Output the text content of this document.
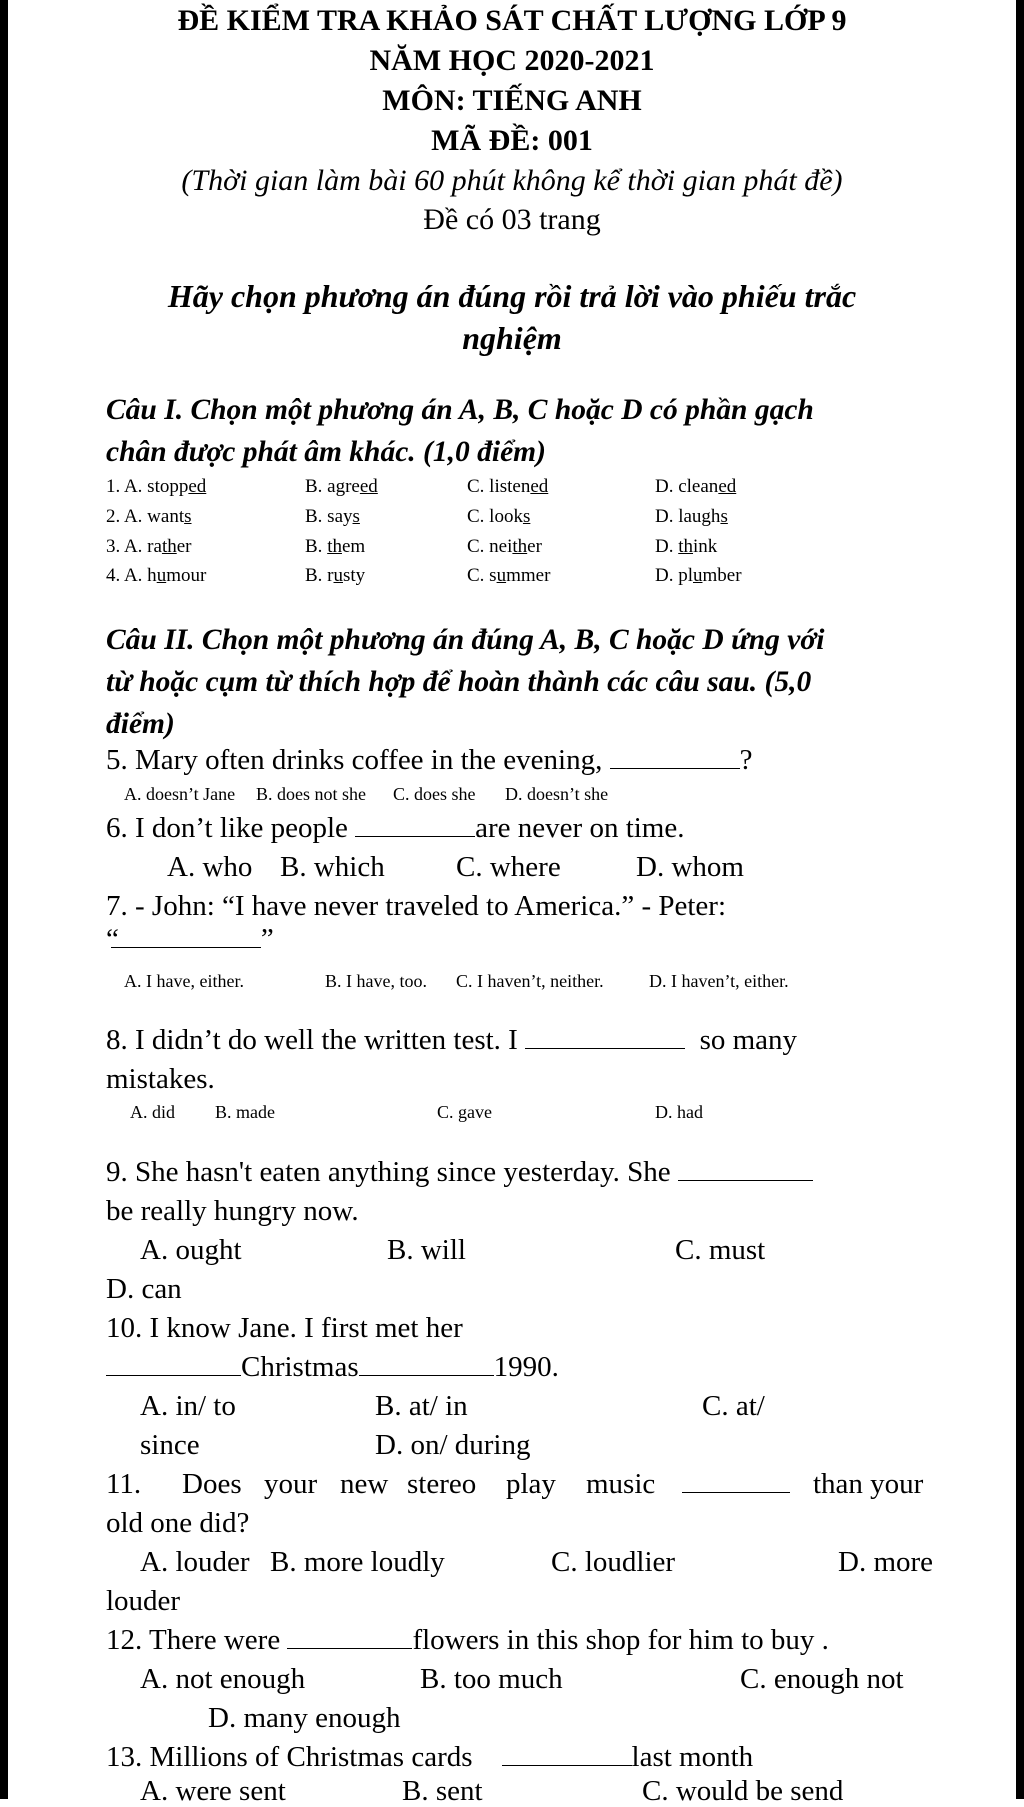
ĐỀ KIỂM TRA KHẢO SÁT CHẤT LƯỢNG LỚP 9
NĂM HỌC 2020-2021
MÔN: TIẾNG ANH
MÃ ĐỀ: 001
(Thời gian làm bài 60 phút không kể thời gian phát đề)
Đề có 03 trang
Hãy chọn phương án đúng rồi trả lời vào phiếu trắc
nghiệm
Câu I. Chọn một phương án A, B, C hoặc D có phần gạch
chân được phát âm khác. (1,0 điểm)
1. A. stopped	B. agreed	C. listened	D. cleaned
2. A. wants	B. says	C. looks	D. laughs
3. A. rather	B. them	C. neither	D. think
4. A. humour	B. rusty	C. summer	D. plumber
Câu II. Chọn một phương án đúng A, B, C hoặc D ứng với
từ hoặc cụm từ thích hợp để hoàn thành các câu sau. (5,0
điểm)
5. Mary often drinks coffee in the evening,	?
A. doesn’t Jane B. does not she C. does she D. doesn’t she
6. I don’t like people	are never on time.
A. who B. which C. where	D. whom
7. - John: “I have never traveled to America.” - Peter:
“	”
A. I have, either.	B. I have, too. C. I haven’t, neither.	D. I haven’t, either.
8. I didn’t do well the written test. I	so many
mistakes.
A. did B. made	C. gave	D. had
9. She hasn't eaten anything since yesterday. She
be really hungry now.
A. ought	B. will	C. must
D. can
10. I know Jane. I first met her
Christmas	1990.
A. in/ to	B. at/ in	C. at/
since	D. on/ during
11. Does your new stereo play music	than your
old one did?
A. louder B. more loudly	C. loudlier	D. more
louder
12. There were	flowers in this shop for him to buy .
A. not enough	B. too much	C. enough not
D. many enough
13. Millions of Christmas cards	last month
A. were sent	B. sent	C. would be send
